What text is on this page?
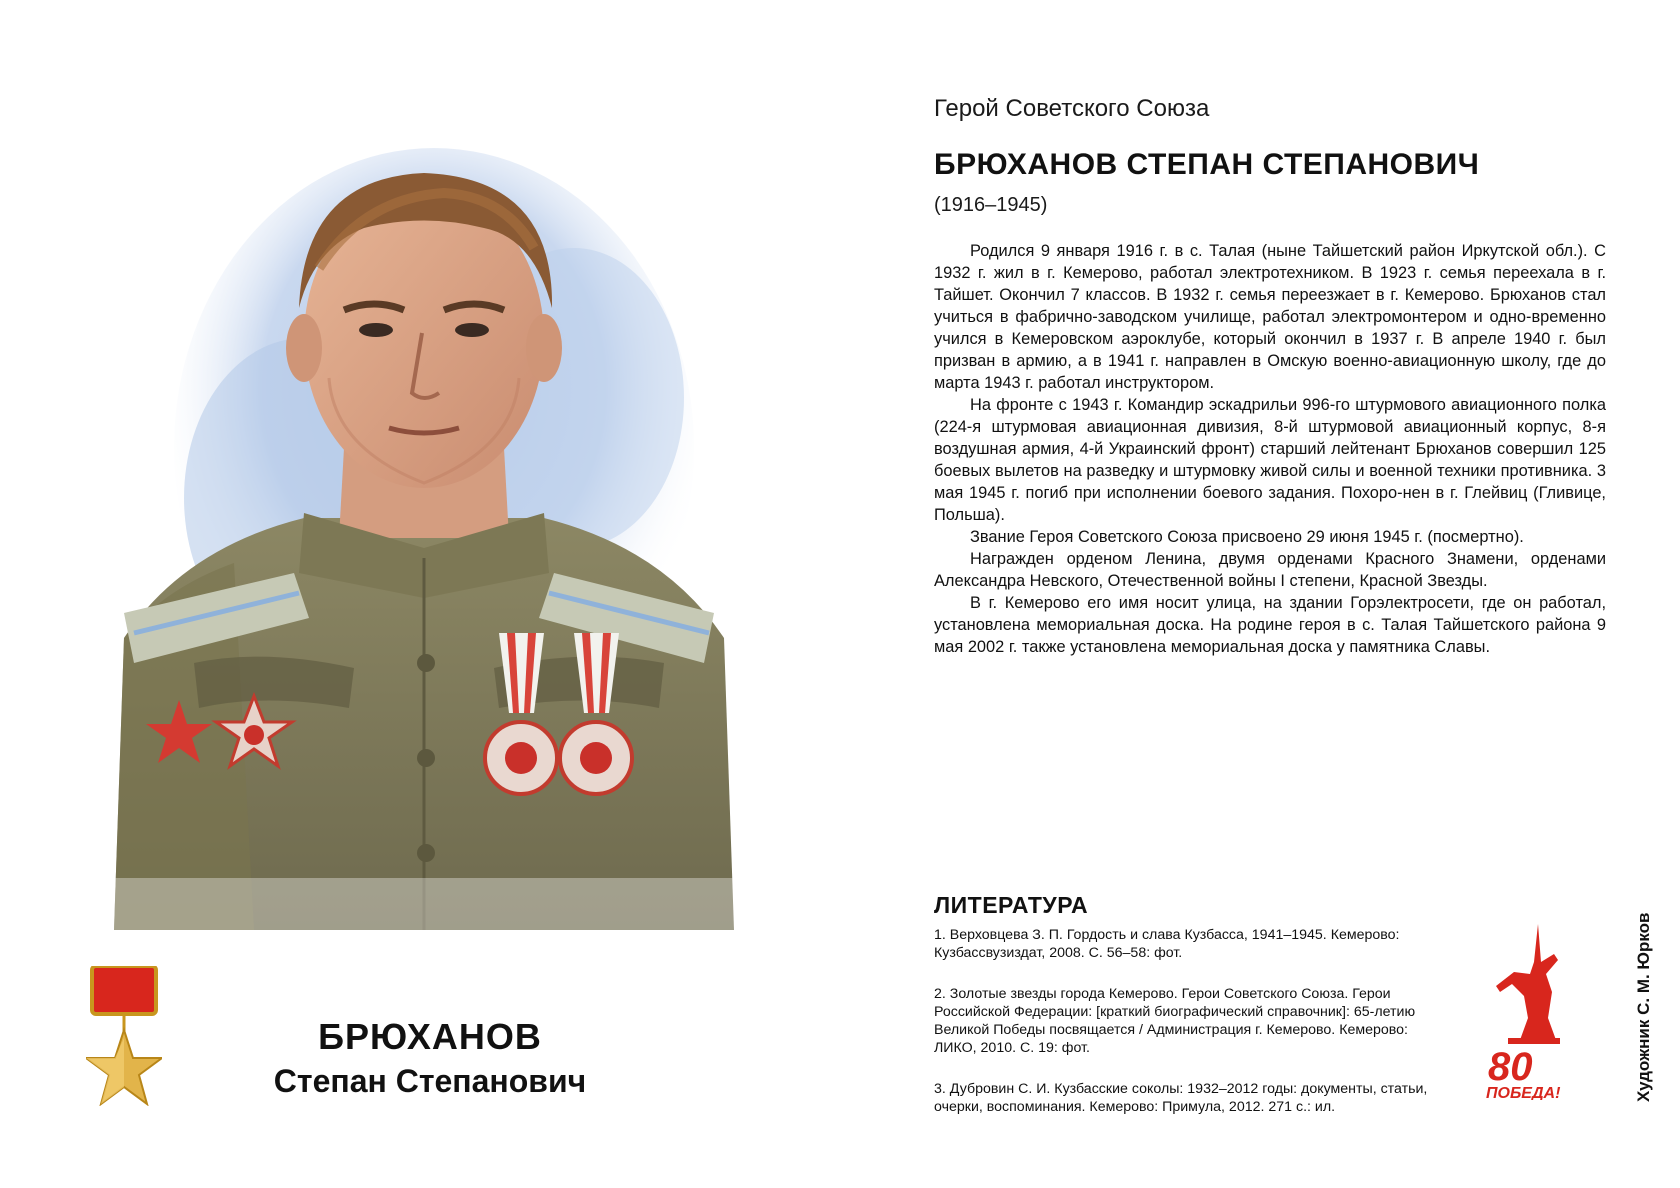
БРЮХАНОВ
Степан Степанович
Герой Советского Союза
БРЮХАНОВ СТЕПАН СТЕПАНОВИЧ
(1916–1945)

Родился 9 января 1916 г. в с. Талая (ныне Тайшетский район Иркутской обл.). С 1932 г. жил в г. Кемерово, работал электротехником. В 1923 г. семья переехала в г. Тайшет. Окончил 7 классов. В 1932 г. семья переезжает в г. Кемерово. Брюханов стал учиться в фабрично-заводском училище, работал электромонтером и одно-временно учился в Кемеровском аэроклубе, который окончил в 1937 г. В апреле 1940 г. был призван в армию, а в 1941 г. направлен в Омскую военно-авиационную школу, где до марта 1943 г. работал инструктором.

На фронте с 1943 г. Командир эскадрильи 996-го штурмового авиационного полка (224-я штурмовая авиационная дивизия, 8-й штурмовой авиационный корпус, 8-я воздушная армия, 4-й Украинский фронт) старший лейтенант Брюханов совершил 125 боевых вылетов на разведку и штурмовку живой силы и военной техники противника. 3 мая 1945 г. погиб при исполнении боевого задания. Похоро-нен в г. Глейвиц (Гливице, Польша).

Звание Героя Советского Союза присвоено 29 июня 1945 г. (посмертно).

Награжден орденом Ленина, двумя орденами Красного Знамени, орденами Александра Невского, Отечественной войны I степени, Красной Звезды.

В г. Кемерово его имя носит улица, на здании Горэлектросети, где он работал, установлена мемориальная доска. На родине героя в с. Талая Тайшетского района 9 мая 2002 г. также установлена мемориальная доска у памятника Славы.

ЛИТЕРАТУРА
1. Верховцева З. П. Гордость и слава Кузбасса, 1941–1945. Кемерово: Кузбассвузиздат, 2008. С. 56–58: фот.
2. Золотые звезды города Кемерово. Герои Советского Союза. Герои Российской Федерации: [краткий биографический справочник]: 65-летию Великой Победы посвящается / Администрация г. Кемерово. Кемерово: ЛИКО, 2010. С. 19: фот.
3. Дубровин С. И. Кузбасские соколы: 1932–2012 годы: документы, статьи, очерки, воспоминания. Кемерово: Примула, 2012. 271 с.: ил.
80
ПОБЕДА!	Художник С. М. Юрков
